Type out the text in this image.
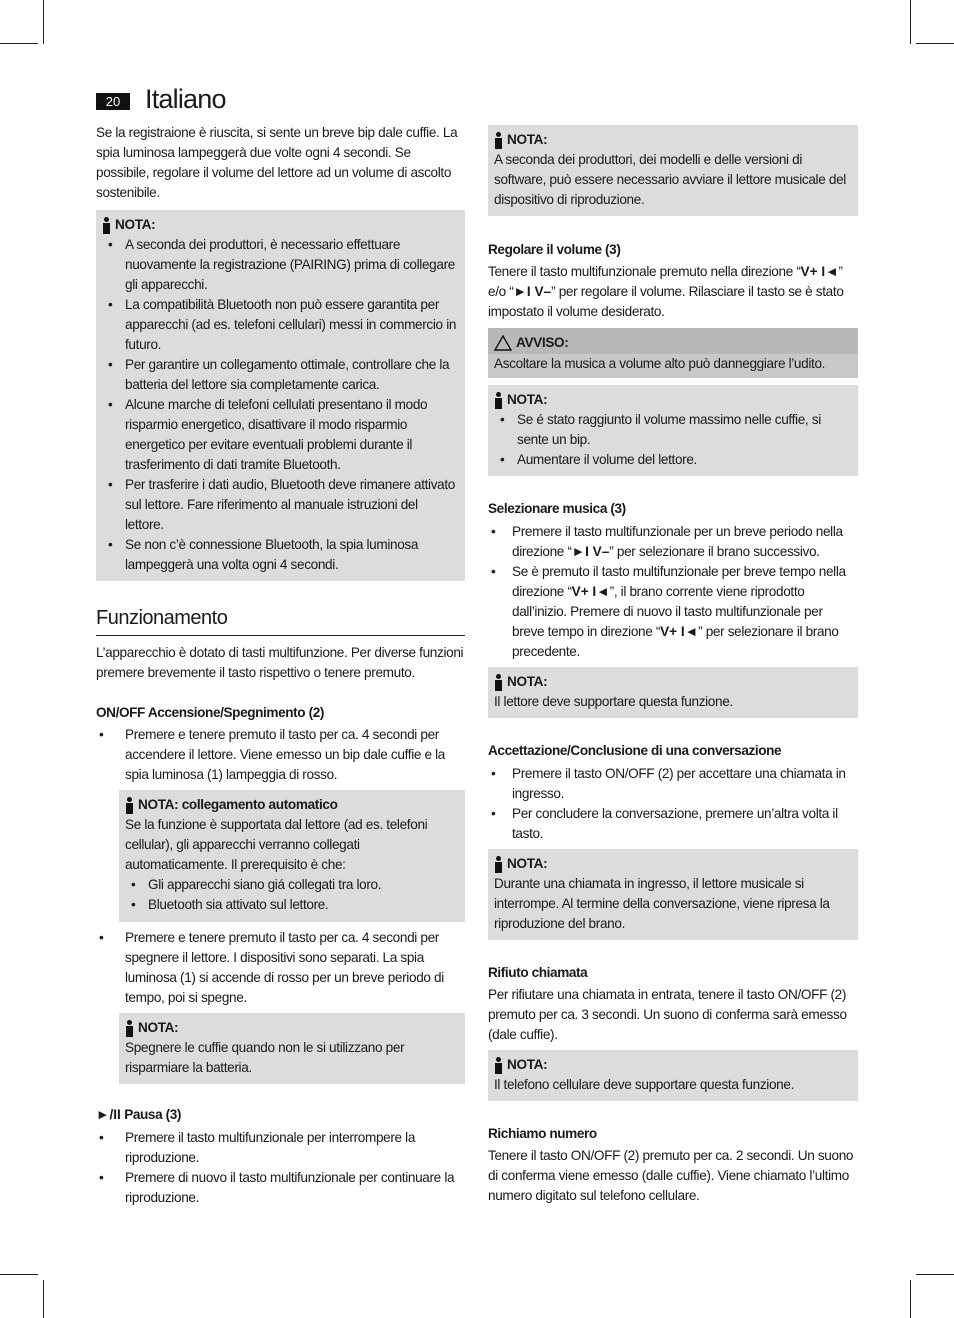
20 Italiano

Se la registraione è riuscita, si sente un breve bip dale cuffie. La spia luminosa lampeggerà due volte ogni 4 secondi. Se possibile, regolare il volume del lettore ad un volume di ascolto sostenibile.

NOTA:
• A seconda dei produttori, è necessario effettuare nuovamente la registrazione (PAIRING) prima di collegare gli apparecchi.
• La compatibilità Bluetooth non può essere garantita per apparecchi (ad es. telefoni cellulari) messi in commercio in futuro.
• Per garantire un collegamento ottimale, controllare che la batteria del lettore sia completamente carica.
• Alcune marche di telefoni cellulati presentano il modo risparmio energetico, disattivare il modo risparmio energetico per evitare eventuali problemi durante il trasferimento di dati tramite Bluetooth.
• Per trasferire i dati audio, Bluetooth deve rimanere attivato sul lettore. Fare riferimento al manuale istruzioni del lettore.
• Se non c’è connessione Bluetooth, la spia luminosa lampeggerà una volta ogni 4 secondi.
Funzionamento

L’apparecchio è dotato di tasti multifunzione. Per diverse funzioni premere brevemente il tasto rispettivo o tenere premuto.

ON/OFF Accensione/Spegnimento (2)

• Premere e tenere premuto il tasto per ca. 4 secondi per accendere il lettore. Viene emesso un bip dale cuffie e la spia luminosa (1) lampeggia di rosso.
NOTA: collegamento automatico

Se la funzione è supportata dal lettore (ad es. telefoni cellular), gli apparecchi verranno collegati automaticamente. Il prerequisito è che:

• Gli apparecchi siano giá collegati tra loro.
• Bluetooth sia attivato sul lettore.
• Premere e tenere premuto il tasto per ca. 4 secondi per spegnere il lettore. I dispositivi sono separati. La spia luminosa (1) si accende di rosso per un breve periodo di tempo, poi si spegne.
NOTA:

Spegnere le cuffie quando non le si utilizzano per risparmiare la batteria.

►/II Pausa (3)

• Premere il tasto multifunzionale per interrompere la riproduzione.
• Premere di nuovo il tasto multifunzionale per continuare la riproduzione.
NOTA:

A seconda dei produttori, dei modelli e delle versioni di software, può essere necessario avviare il lettore musicale del dispositivo di riproduzione.

Regolare il volume (3)

Tenere il tasto multifunzionale premuto nella direzione “V+ I◄” e/o “►I V–” per regolare il volume. Rilasciare il tasto se è stato impostato il volume desiderato.

AVVISO:

Ascoltare la musica a volume alto può danneggiare l’udito.

NOTA:
• Se é stato raggiunto il volume massimo nelle cuffie, si sente un bip.
• Aumentare il volume del lettore.

Selezionare musica (3)

• Premere il tasto multifunzionale per un breve periodo nella direzione “►I V–” per selezionare il brano successivo.
• Se è premuto il tasto multifunzionale per breve tempo nella direzione “V+ I◄”, il brano corrente viene riprodotto dall’inizio. Premere di nuovo il tasto multifunzionale per breve tempo in direzione “V+ I◄” per selezionare il brano precedente.
NOTA:

Il lettore deve supportare questa funzione.

Accettazione/Conclusione di una conversazione

• Premere il tasto ON/OFF (2) per accettare una chiamata in ingresso.
• Per concludere la conversazione, premere un’altra volta il tasto.
NOTA:

Durante una chiamata in ingresso, il lettore musicale si interrompe. Al termine della conversazione, viene ripresa la riproduzione del brano.

Rifiuto chiamata

Per rifiutare una chiamata in entrata, tenere il tasto ON/OFF (2) premuto per ca. 3 secondi. Un suono di conferma sarà emesso (dale cuffie).

NOTA:

Il telefono cellulare deve supportare questa funzione.

Richiamo numero

Tenere il tasto ON/OFF (2) premuto per ca. 2 secondi. Un suono di conferma viene emesso (dalle cuffie). Viene chiamato l’ultimo numero digitato sul telefono cellulare.
